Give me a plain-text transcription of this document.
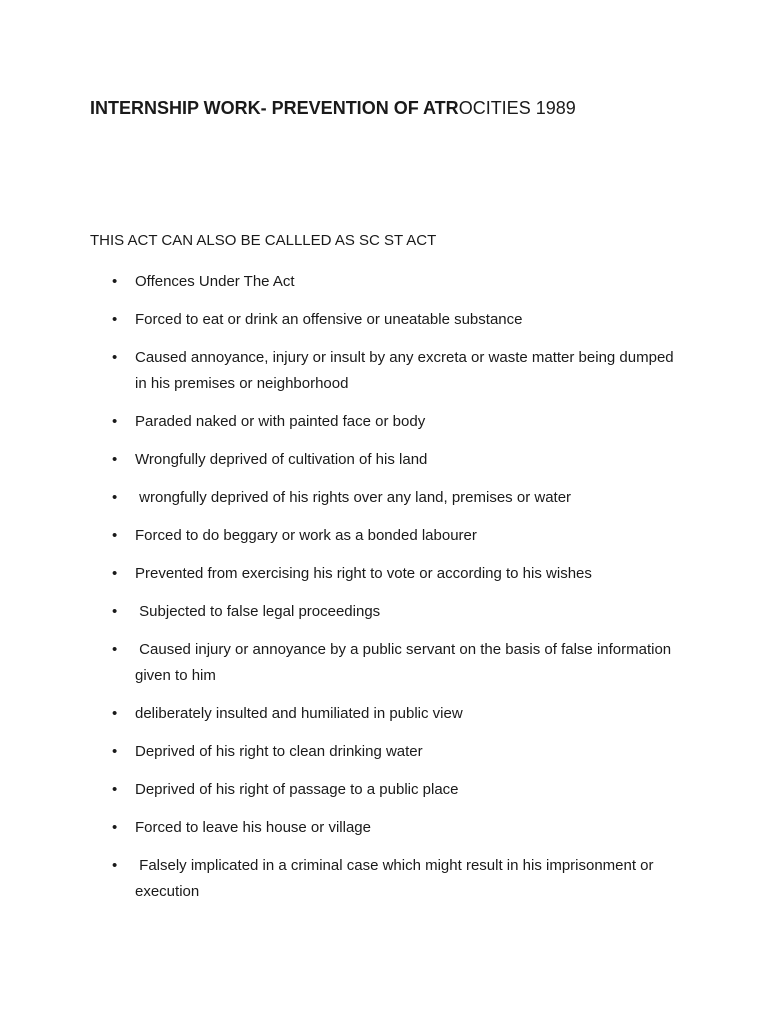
INTERNSHIP WORK- PREVENTION OF ATROCITIES 1989
THIS ACT CAN ALSO BE CALLLED AS SC ST ACT
• Offences Under The Act
• Forced to eat or drink an offensive or uneatable substance
• Caused annoyance, injury or insult by any excreta or waste matter being dumped in his premises or neighborhood
• Paraded naked or with painted face or body
• Wrongfully deprived of cultivation of his land
• wrongfully deprived of his rights over any land, premises or water
• Forced to do beggary or work as a bonded labourer
• Prevented from exercising his right to vote or according to his wishes
• Subjected to false legal proceedings
• Caused injury or annoyance by a public servant on the basis of false information given to him
• deliberately insulted and humiliated in public view
• Deprived of his right to clean drinking water
• Deprived of his right of passage to a public place
• Forced to leave his house or village
• Falsely implicated in a criminal case which might result in his imprisonment or execution
